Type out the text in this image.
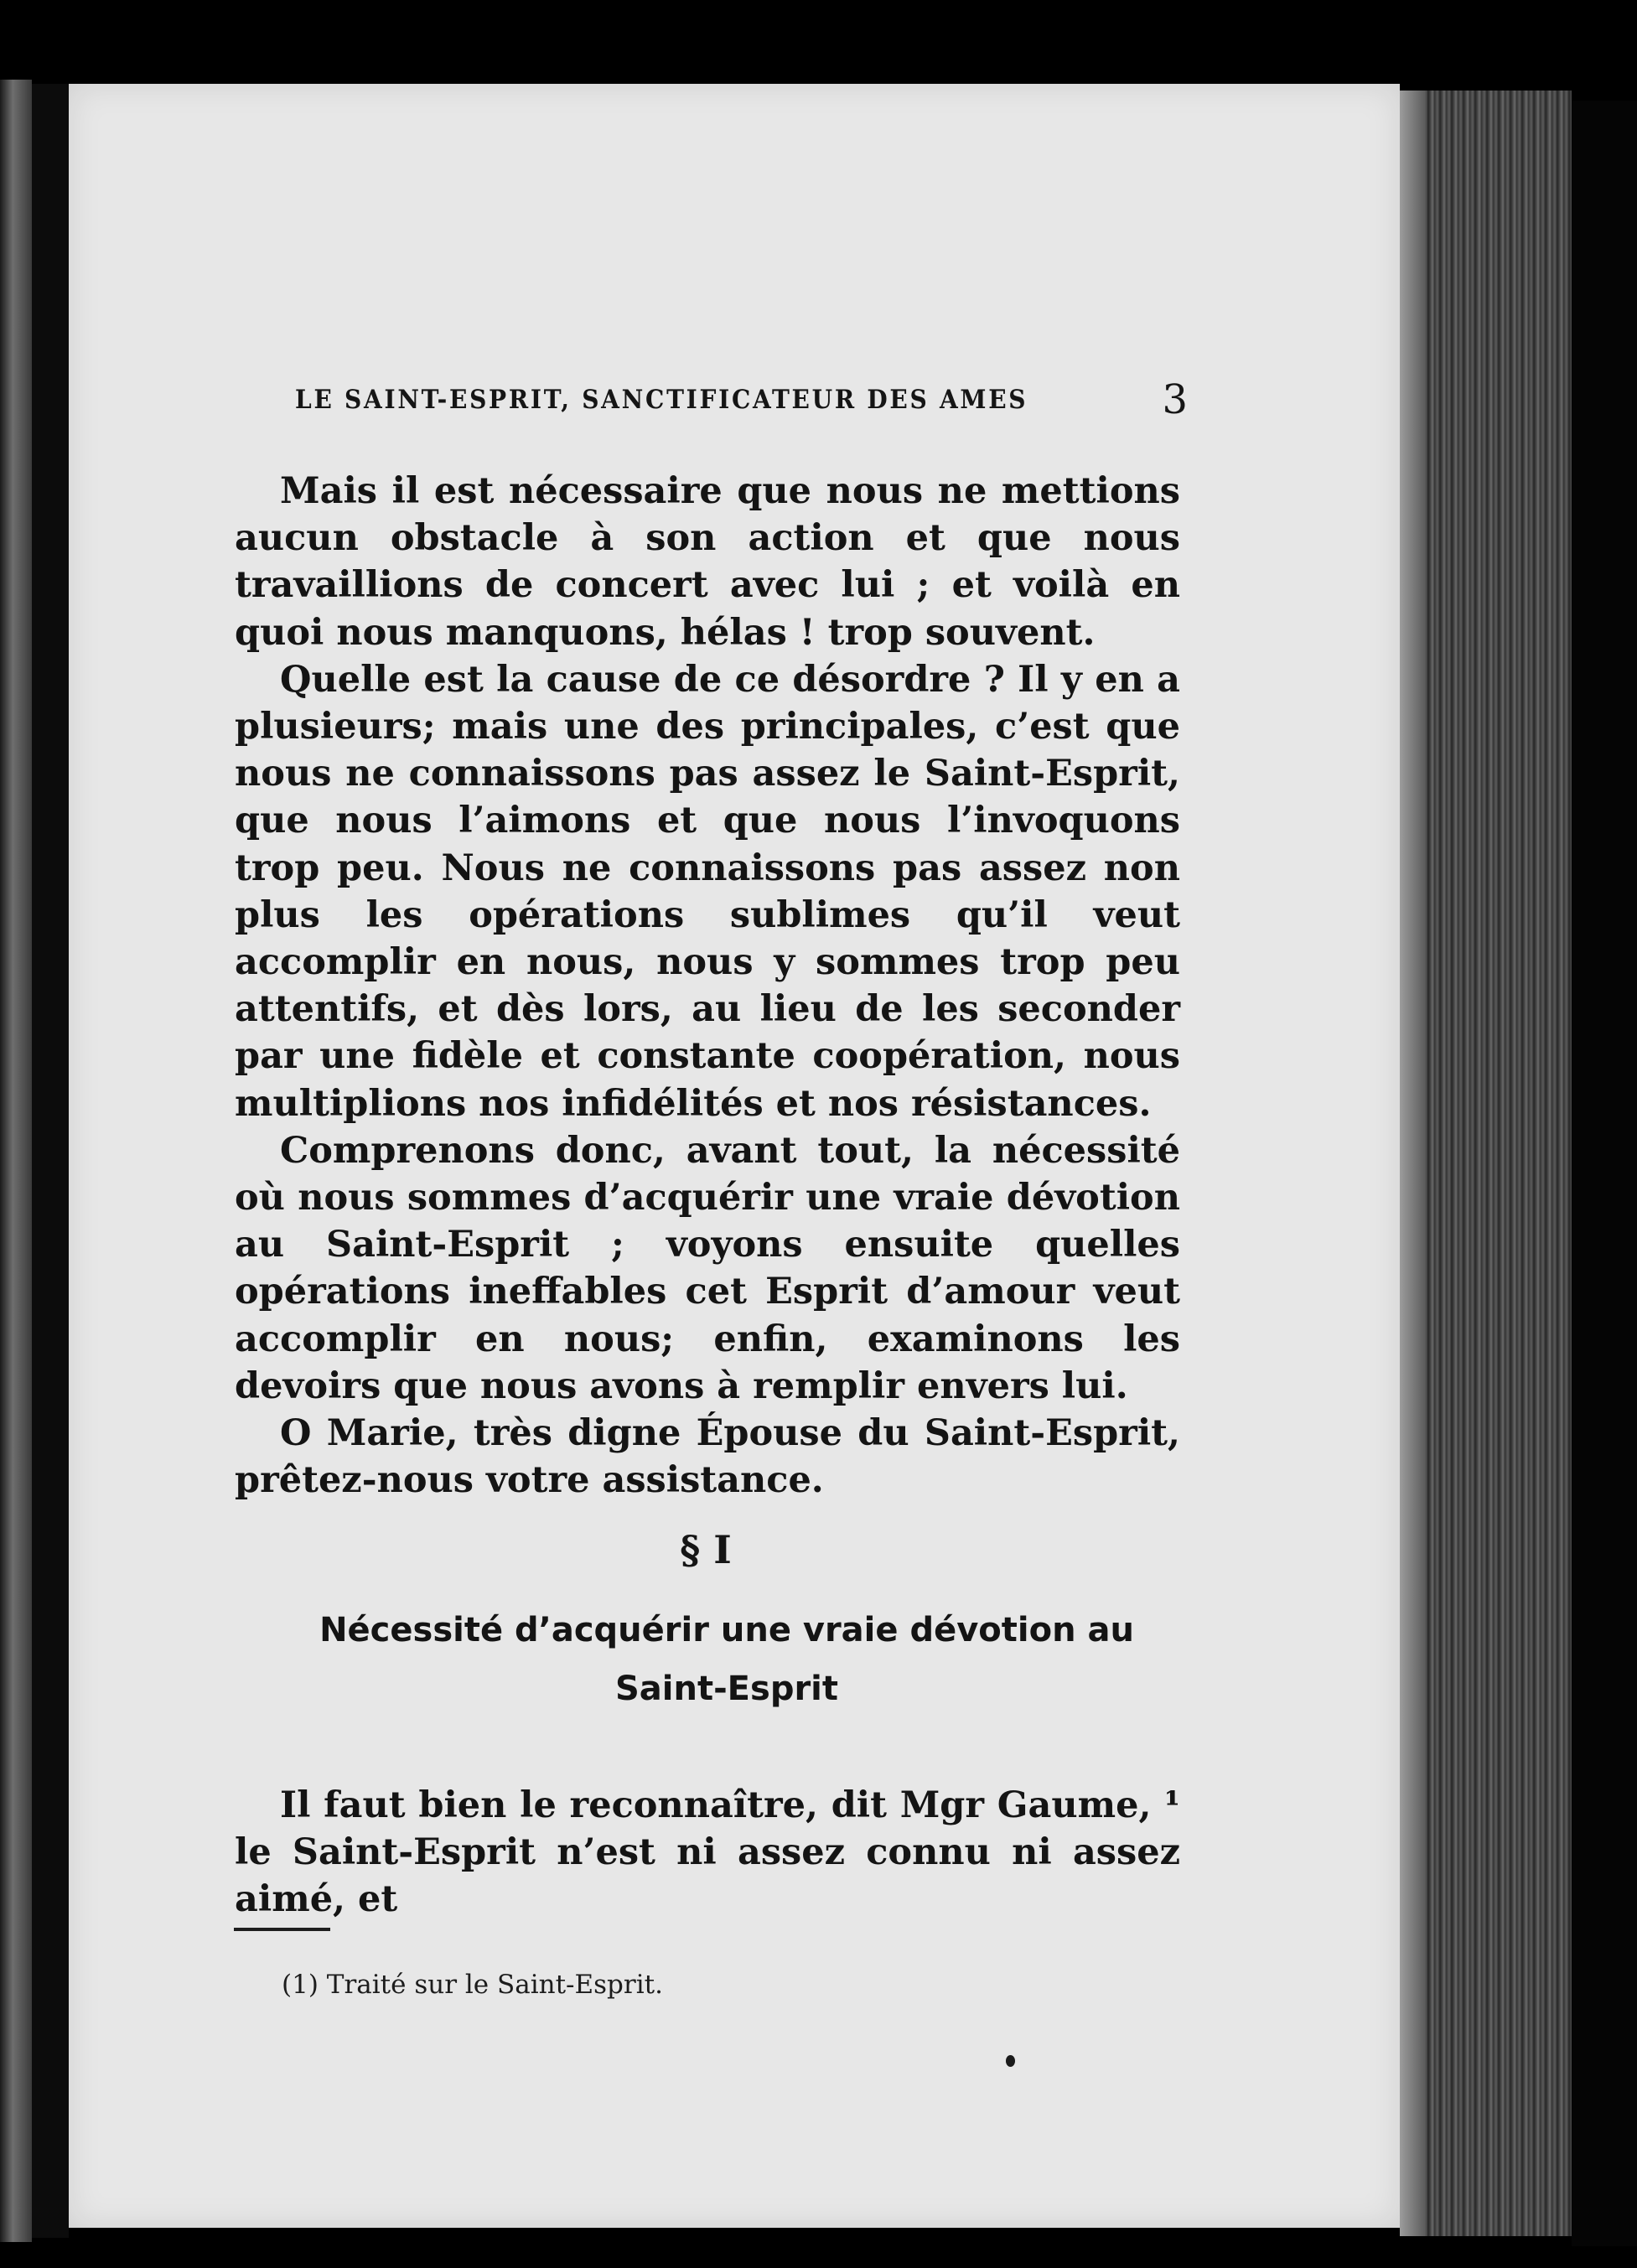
LE SAINT-ESPRIT, SANCTIFICATEUR DES AMES	3

Mais il est nécessaire que nous ne mettions aucun obstacle à son action et que nous travaillions de concert avec lui ; et voilà en quoi nous manquons, hélas ! trop souvent.

Quelle est la cause de ce désordre ? Il y en a plusieurs; mais une des principales, c’est que nous ne connaissons pas assez le Saint-Esprit, que nous l’aimons et que nous l’invoquons trop peu. Nous ne connaissons pas assez non plus les opérations sublimes qu’il veut accomplir en nous, nous y sommes trop peu attentifs, et dès lors, au lieu de les seconder par une fidèle et constante coopération, nous multiplions nos infidélités et nos résistances.

Comprenons donc, avant tout, la nécessité où nous sommes d’acquérir une vraie dévotion au Saint-Esprit ; voyons ensuite quelles opérations ineffables cet Esprit d’amour veut accomplir en nous; enfin, examinons les devoirs que nous avons à remplir envers lui.

O Marie, très digne Épouse du Saint-Esprit, prêtez-nous votre assistance.

§ I
Nécessité d’acquérir une vraie dévotion au
Saint-Esprit

Il faut bien le reconnaître, dit Mgr Gaume, ¹ le Saint-Esprit n’est ni assez connu ni assez aimé, et

(1) Traité sur le Saint-Esprit.
